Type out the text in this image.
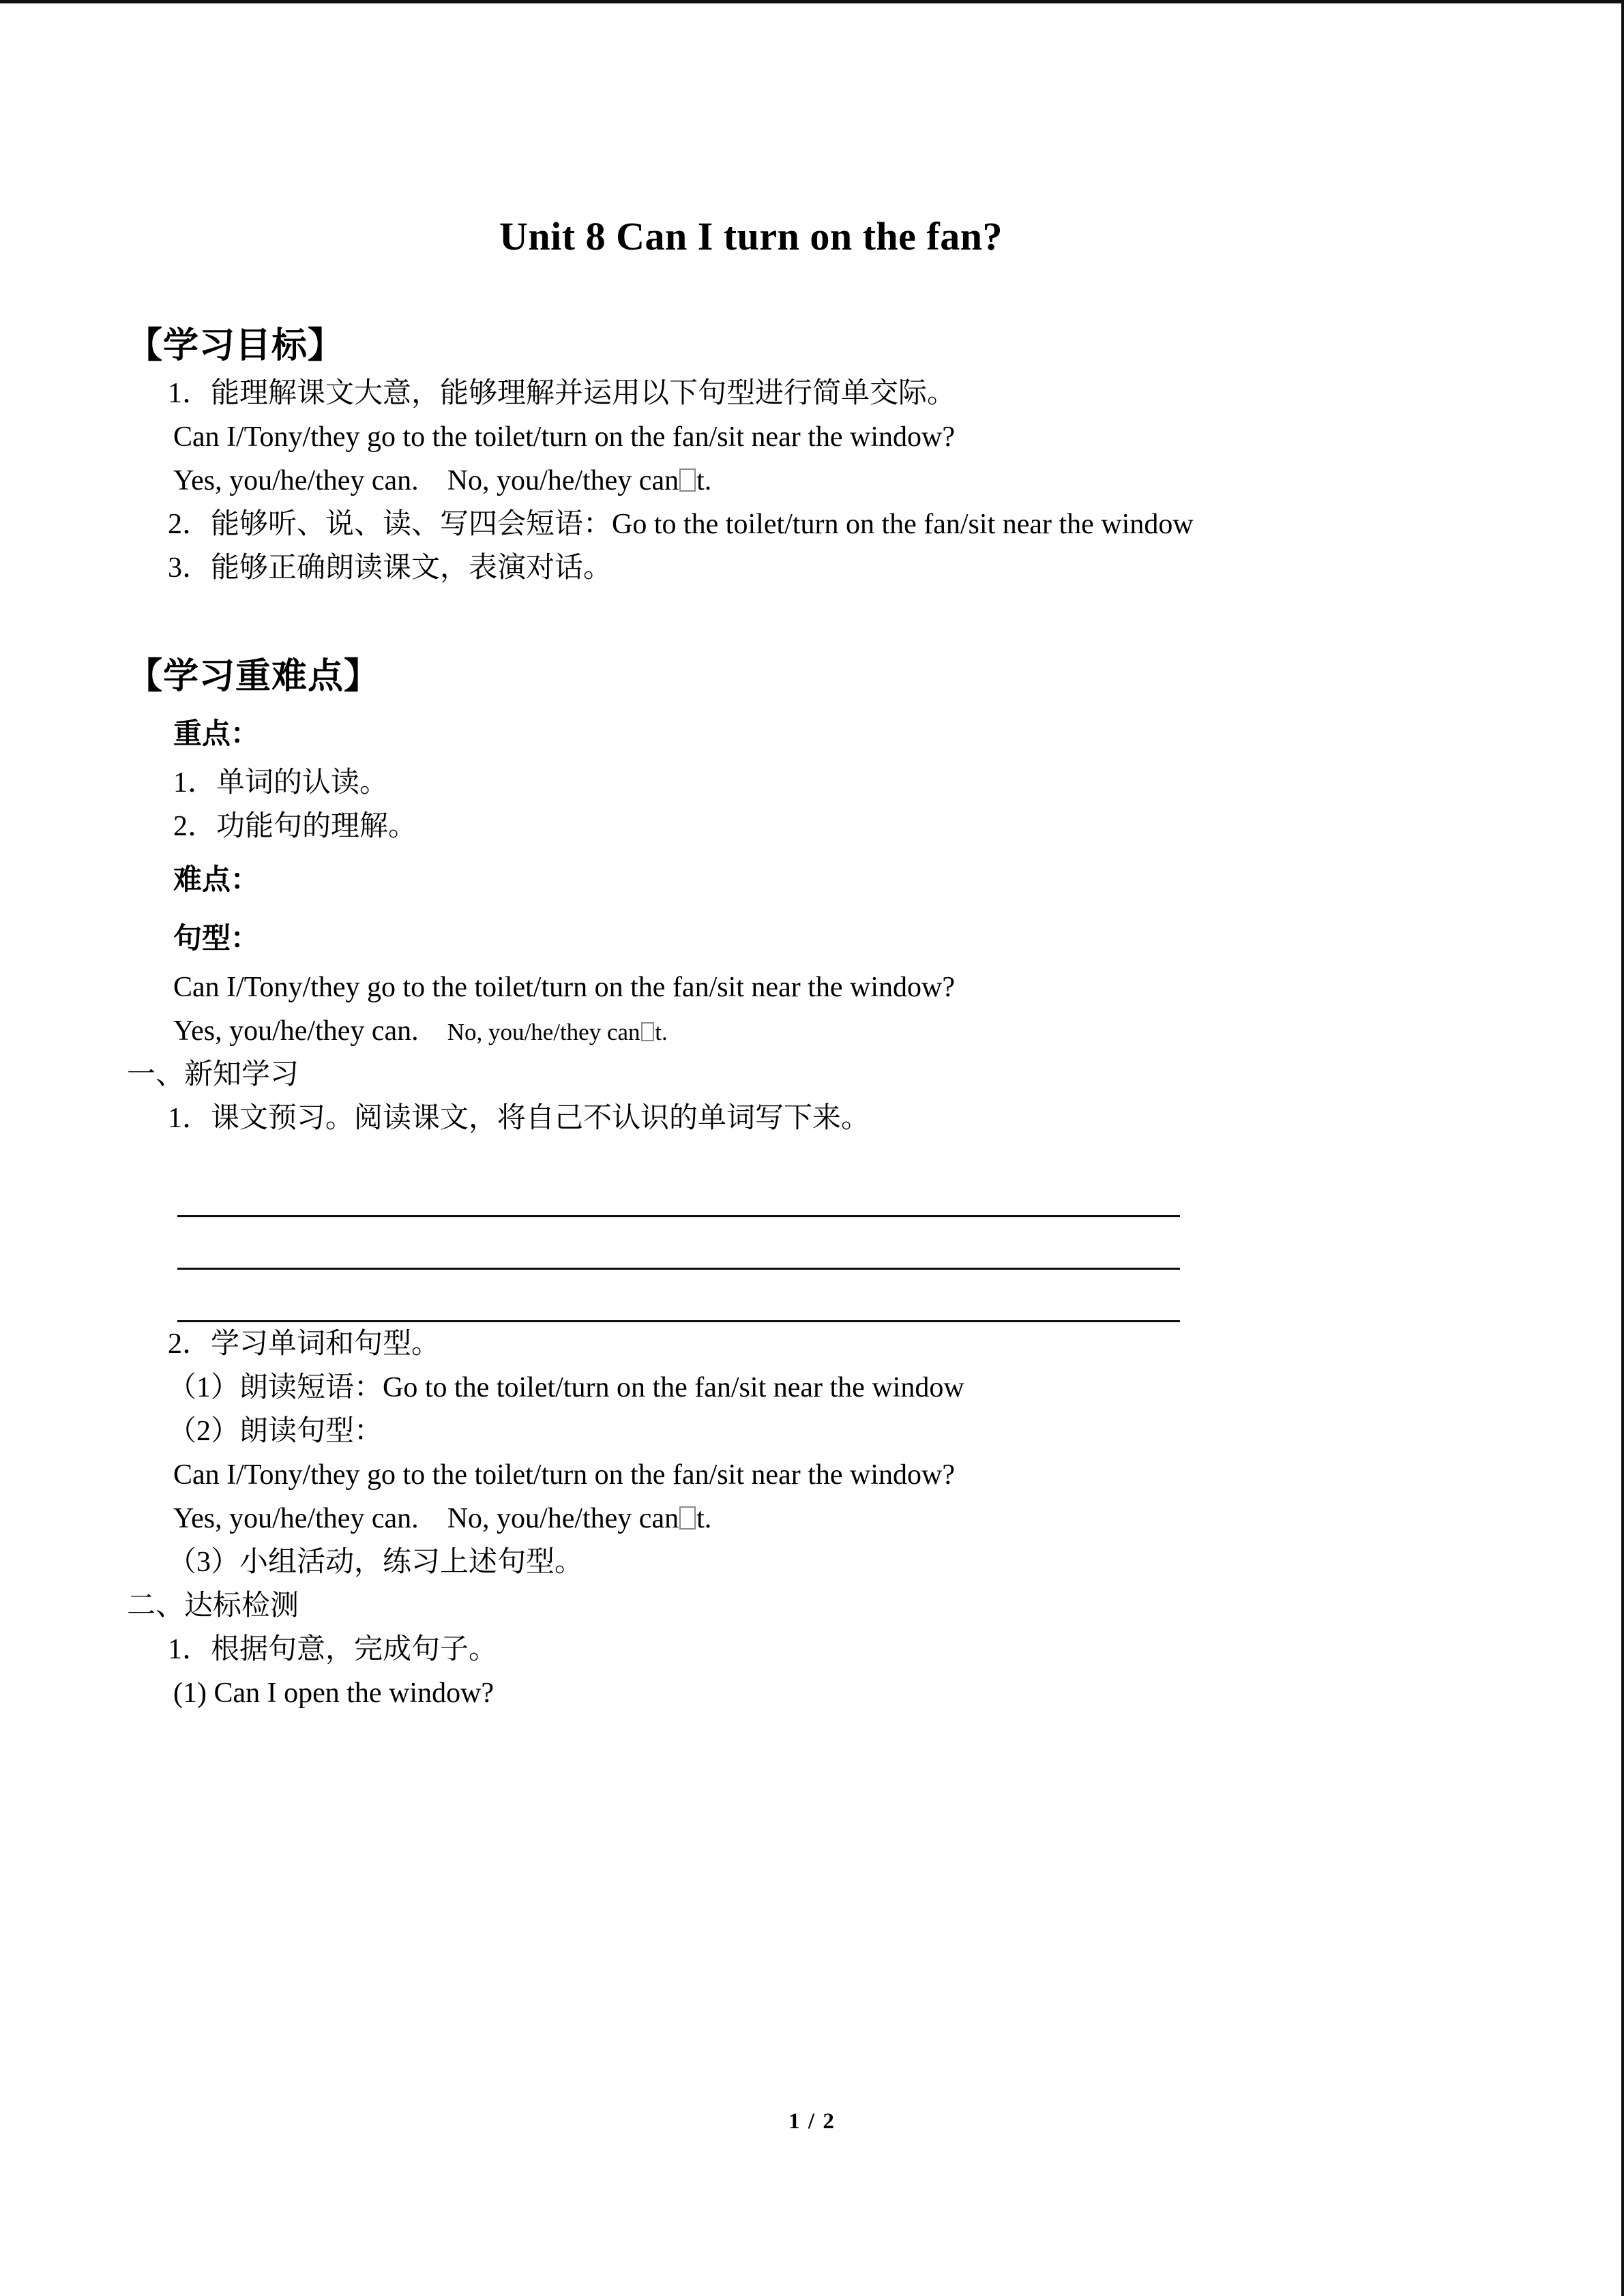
Unit 8 Can I turn on the fan?
【学习目标】

1．能理解课文大意，能够理解并运用以下句型进行简单交际。

Can I/Tony/they go to the toilet/turn on the fan/sit near the window?

Yes, you/he/they can. No, you/he/they can t.

2．能够听、说、读、写四会短语：Go to the toilet/turn on the fan/sit near the window

3．能够正确朗读课文，表演对话。

【学习重难点】
重点：

1．单词的认读。

2．功能句的理解。

难点：
句型：

Can I/Tony/they go to the toilet/turn on the fan/sit near the window?

Yes, you/he/they can. No, you/he/they can t.

一、新知学习

1．课文预习。阅读课文，将自己不认识的单词写下来。

2．学习单词和句型。

（1）朗读短语：Go to the toilet/turn on the fan/sit near the window

（2）朗读句型：

Can I/Tony/they go to the toilet/turn on the fan/sit near the window?

Yes, you/he/they can. No, you/he/they can t.

（3）小组活动，练习上述句型。

二、达标检测

1．根据句意，完成句子。

(1) Can I open the window?

1 / 2
